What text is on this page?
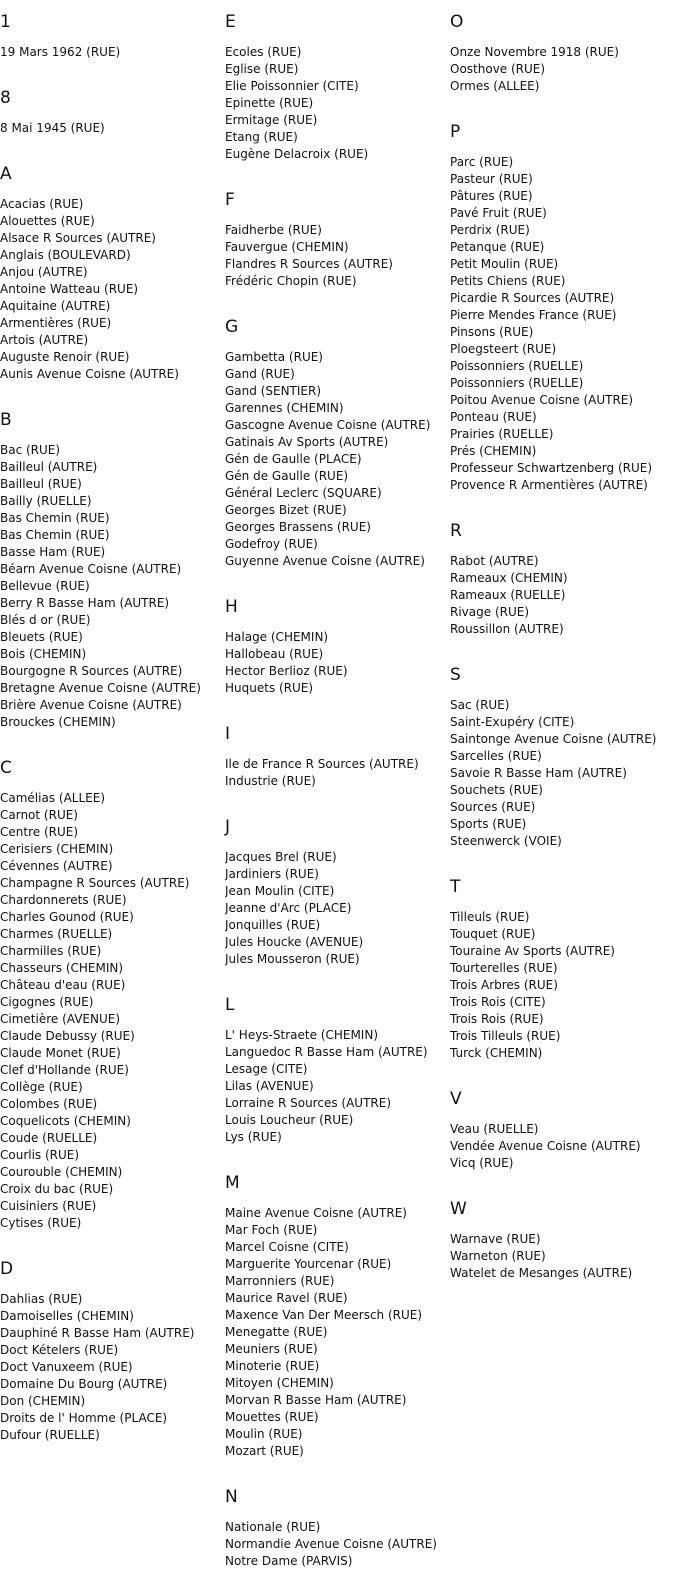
1
19 Mars 1962 (RUE)
8
8 Mai 1945 (RUE)
A
Acacias (RUE)
Alouettes (RUE)
Alsace R Sources (AUTRE)
Anglais (BOULEVARD)
Anjou (AUTRE)
Antoine Watteau (RUE)
Aquitaine (AUTRE)
Armentières (RUE)
Artois (AUTRE)
Auguste Renoir (RUE)
Aunis Avenue Coisne (AUTRE)
B
Bac (RUE)
Bailleul (AUTRE)
Bailleul (RUE)
Bailly (RUELLE)
Bas Chemin (RUE)
Bas Chemin (RUE)
Basse Ham (RUE)
Béarn Avenue Coisne (AUTRE)
Bellevue (RUE)
Berry R Basse Ham (AUTRE)
Blés d or (RUE)
Bleuets (RUE)
Bois (CHEMIN)
Bourgogne R Sources (AUTRE)
Bretagne Avenue Coisne (AUTRE)
Brière Avenue Coisne (AUTRE)
Brouckes (CHEMIN)
C
Camélias (ALLEE)
Carnot (RUE)
Centre (RUE)
Cerisiers (CHEMIN)
Cévennes (AUTRE)
Champagne R Sources (AUTRE)
Chardonnerets (RUE)
Charles Gounod (RUE)
Charmes (RUELLE)
Charmilles (RUE)
Chasseurs (CHEMIN)
Château d'eau (RUE)
Cigognes (RUE)
Cimetière (AVENUE)
Claude Debussy (RUE)
Claude Monet (RUE)
Clef d'Hollande (RUE)
Collège (RUE)
Colombes (RUE)
Coquelicots (CHEMIN)
Coude (RUELLE)
Courlis (RUE)
Courouble (CHEMIN)
Croix du bac (RUE)
Cuisiniers (RUE)
Cytises (RUE)
D
Dahlias (RUE)
Damoiselles (CHEMIN)
Dauphiné R Basse Ham (AUTRE)
Doct Kételers (RUE)
Doct Vanuxeem (RUE)
Domaine Du Bourg (AUTRE)
Don (CHEMIN)
Droits de l' Homme (PLACE)
Dufour (RUELLE)
E
Ecoles (RUE)
Eglise (RUE)
Elie Poissonnier (CITE)
Epinette (RUE)
Ermitage (RUE)
Etang (RUE)
Eugène Delacroix (RUE)
F
Faidherbe (RUE)
Fauvergue (CHEMIN)
Flandres R Sources (AUTRE)
Frédéric Chopin (RUE)
G
Gambetta (RUE)
Gand (RUE)
Gand (SENTIER)
Garennes (CHEMIN)
Gascogne Avenue Coisne (AUTRE)
Gatinais Av Sports (AUTRE)
Gén de Gaulle (PLACE)
Gén de Gaulle (RUE)
Général Leclerc (SQUARE)
Georges Bizet (RUE)
Georges Brassens (RUE)
Godefroy (RUE)
Guyenne Avenue Coisne (AUTRE)
H
Halage (CHEMIN)
Hallobeau (RUE)
Hector Berlioz (RUE)
Huquets (RUE)
I
Ile de France R Sources (AUTRE)
Industrie (RUE)
J
Jacques Brel (RUE)
Jardiniers (RUE)
Jean Moulin (CITE)
Jeanne d'Arc (PLACE)
Jonquilles (RUE)
Jules Houcke (AVENUE)
Jules Mousseron (RUE)
L
L' Heys-Straete (CHEMIN)
Languedoc R Basse Ham (AUTRE)
Lesage (CITE)
Lilas (AVENUE)
Lorraine R Sources (AUTRE)
Louis Loucheur (RUE)
Lys (RUE)
M
Maine Avenue Coisne (AUTRE)
Mar Foch (RUE)
Marcel Coisne (CITE)
Marguerite Yourcenar (RUE)
Marronniers (RUE)
Maurice Ravel (RUE)
Maxence Van Der Meersch (RUE)
Menegatte (RUE)
Meuniers (RUE)
Minoterie (RUE)
Mitoyen (CHEMIN)
Morvan R Basse Ham (AUTRE)
Mouettes (RUE)
Moulin (RUE)
Mozart (RUE)
N
Nationale (RUE)
Normandie Avenue Coisne (AUTRE)
Notre Dame (PARVIS)
O
Onze Novembre 1918 (RUE)
Oosthove (RUE)
Ormes (ALLEE)
P
Parc (RUE)
Pasteur (RUE)
Pâtures (RUE)
Pavé Fruit (RUE)
Perdrix (RUE)
Petanque (RUE)
Petit Moulin (RUE)
Petits Chiens (RUE)
Picardie R Sources (AUTRE)
Pierre Mendes France (RUE)
Pinsons (RUE)
Ploegsteert (RUE)
Poissonniers (RUELLE)
Poissonniers (RUELLE)
Poitou Avenue Coisne (AUTRE)
Ponteau (RUE)
Prairies (RUELLE)
Prés (CHEMIN)
Professeur Schwartzenberg (RUE)
Provence R Armentières (AUTRE)
R
Rabot (AUTRE)
Rameaux (CHEMIN)
Rameaux (RUELLE)
Rivage (RUE)
Roussillon (AUTRE)
S
Sac (RUE)
Saint-Exupéry (CITE)
Saintonge Avenue Coisne (AUTRE)
Sarcelles (RUE)
Savoie R Basse Ham (AUTRE)
Souchets (RUE)
Sources (RUE)
Sports (RUE)
Steenwerck (VOIE)
T
Tilleuls (RUE)
Touquet (RUE)
Touraine Av Sports (AUTRE)
Tourterelles (RUE)
Trois Arbres (RUE)
Trois Rois (CITE)
Trois Rois (RUE)
Trois Tilleuls (RUE)
Turck (CHEMIN)
V
Veau (RUELLE)
Vendée Avenue Coisne (AUTRE)
Vicq (RUE)
W
Warnave (RUE)
Warneton (RUE)
Watelet de Mesanges (AUTRE)
